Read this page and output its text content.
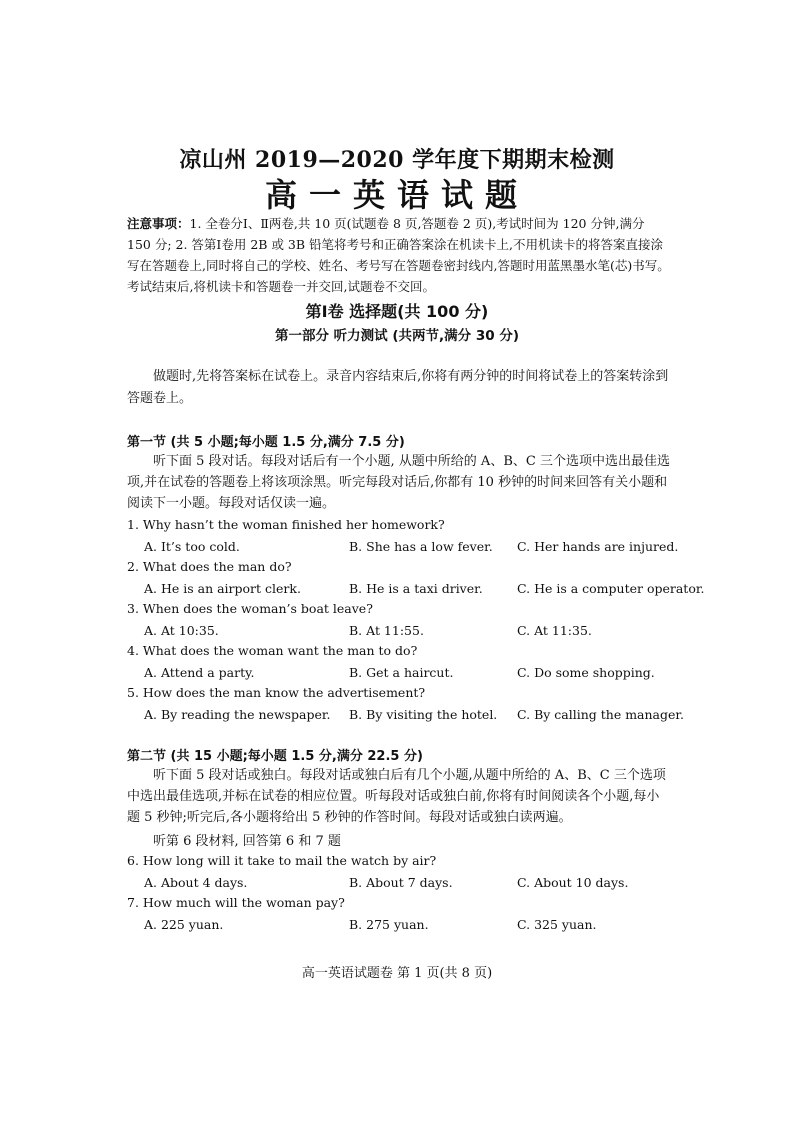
凉山州 2019—2020 学年度下期期末检测
高一英语试题
注意事项：1. 全卷分Ⅰ、Ⅱ两卷,共 10 页(试题卷 8 页,答题卷 2 页),考试时间为 120 分钟,满分 150 分; 2. 答第Ⅰ卷用 2B 或 3B 铅笔将考号和正确答案涂在机读卡上,不用机读卡的将答案直接涂写在答题卷上,同时将自己的学校、姓名、考号写在答题卷密封线内,答题时用蓝黑墨水笔(芯)书写。考试结束后,将机读卡和答题卷一并交回,试题卷不交回。
第Ⅰ卷 选择题(共 100 分)
第一部分 听力测试 (共两节,满分 30 分)
做题时,先将答案标在试卷上。录音内容结束后,你将有两分钟的时间将试卷上的答案转涂到答题卷上。
第一节 (共 5 小题;每小题 1.5 分,满分 7.5 分)
听下面 5 段对话。每段对话后有一个小题, 从题中所给的 A、B、C 三个选项中选出最佳选项,并在试卷的答题卷上将该项涂黑。听完每段对话后,你都有 10 秒钟的时间来回答有关小题和阅读下一小题。每段对话仅读一遍。
1. Why hasn’t the woman finished her homework?
A. It’s too cold.	B. She has a low fever. C. Her hands are injured.
2. What does the man do?
A. He is an airport clerk.	B. He is a taxi driver.	C. He is a computer operator.
3. When does the woman’s boat leave?
A. At 10:35.	B. At 11:55.	C. At 11:35.
4. What does the woman want the man to do?
A. Attend a party.	B. Get a haircut.	C. Do some shopping.
5. How does the man know the advertisement?
A. By reading the newspaper. B. By visiting the hotel. C. By calling the manager.
第二节 (共 15 小题;每小题 1.5 分,满分 22.5 分)
听下面 5 段对话或独白。每段对话或独白后有几个小题,从题中所给的 A、B、C 三个选项中选出最佳选项,并标在试卷的相应位置。听每段对话或独白前,你将有时间阅读各个小题,每小题 5 秒钟;听完后,各小题将给出 5 秒钟的作答时间。每段对话或独白读两遍。
听第 6 段材料, 回答第 6 和 7 题
6. How long will it take to mail the watch by air?
A. About 4 days.	B. About 7 days.	C. About 10 days.
7. How much will the woman pay?
A. 225 yuan.	B. 275 yuan.	C. 325 yuan.
高一英语试题卷 第 1 页(共 8 页)
